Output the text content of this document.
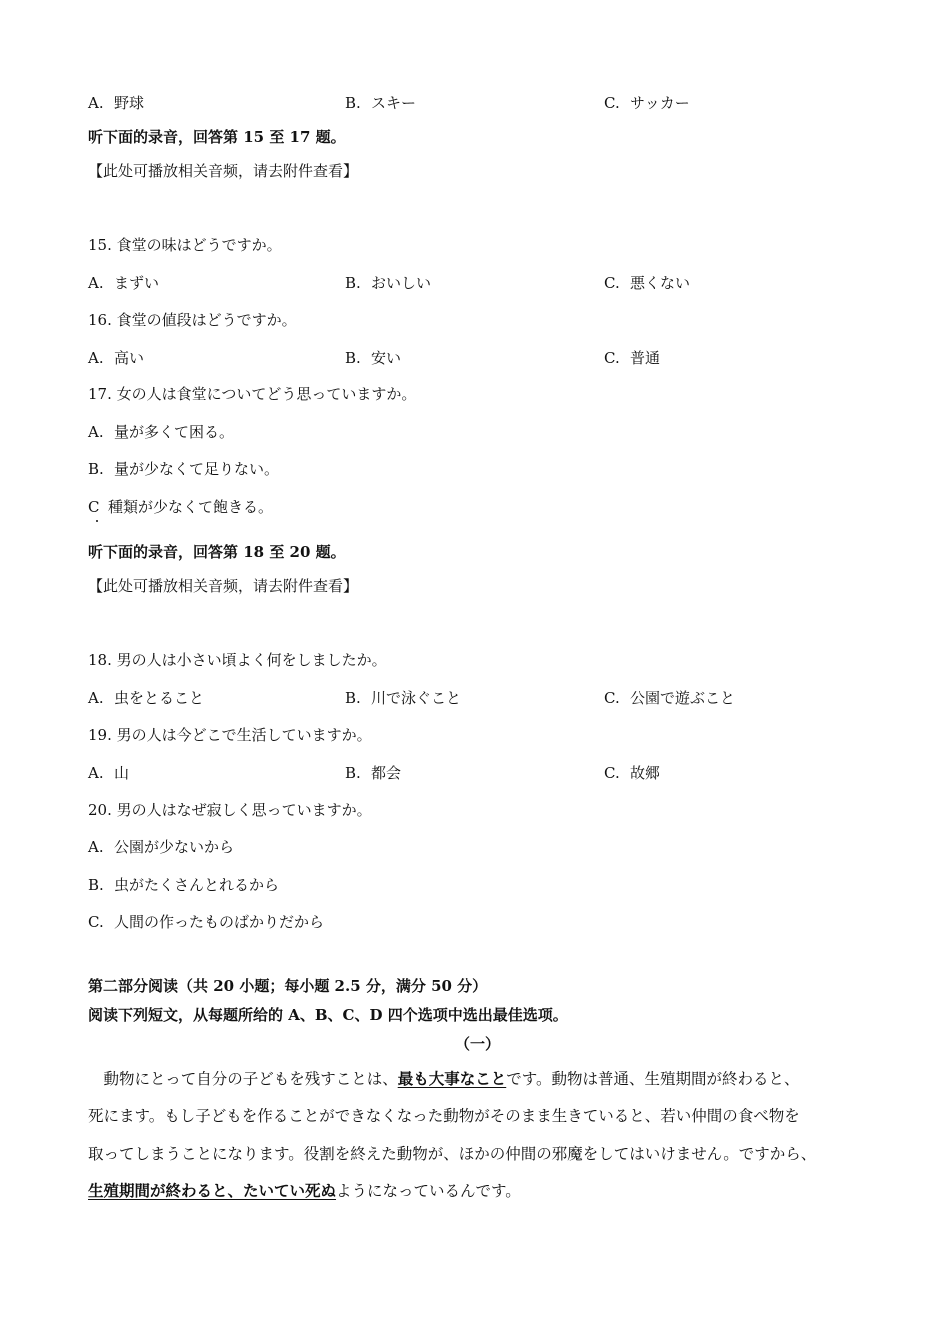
A. 野球	B. スキー	C. サッカー
听下面的录音，回答第 15 至 17 题。
【此处可播放相关音频，请去附件查看】
15. 食堂の味はどうですか。
A. まずい	B. おいしい	C. 悪くない
16. 食堂の値段はどうですか。
A. 高い	B. 安い	C. 普通
17. 女の人は食堂についてどう思っていますか。
A. 量が多くて困る。
B. 量が少なくて足りない。
C 種類が少なくて飽きる。
听下面的录音，回答第 18 至 20 题。
【此处可播放相关音频，请去附件查看】
18. 男の人は小さい頃よく何をしましたか。
A. 虫をとること	B. 川で泳ぐこと	C. 公園で遊ぶこと
19. 男の人は今どこで生活していますか。
A. 山	B. 都会	C. 故郷
20. 男の人はなぜ寂しく思っていますか。
A. 公園が少ないから
B. 虫がたくさんとれるから
C. 人間の作ったものばかりだから
第二部分阅读（共 20 小题；每小题 2.5 分，满分 50 分）
阅读下列短文，从每题所给的 A、B、C、D 四个选项中选出最佳选项。
（一）
　動物にとって自分の子どもを残すことは、最も大事なことです。動物は普通、生殖期間が終わると、
死にます。もし子どもを作ることができなくなった動物がそのまま生きていると、若い仲間の食べ物を
取ってしまうことになります。役割を終えた動物が、ほかの仲間の邪魔をしてはいけません。ですから、
生殖期間が終わると、たいてい死ぬようになっているんです。
